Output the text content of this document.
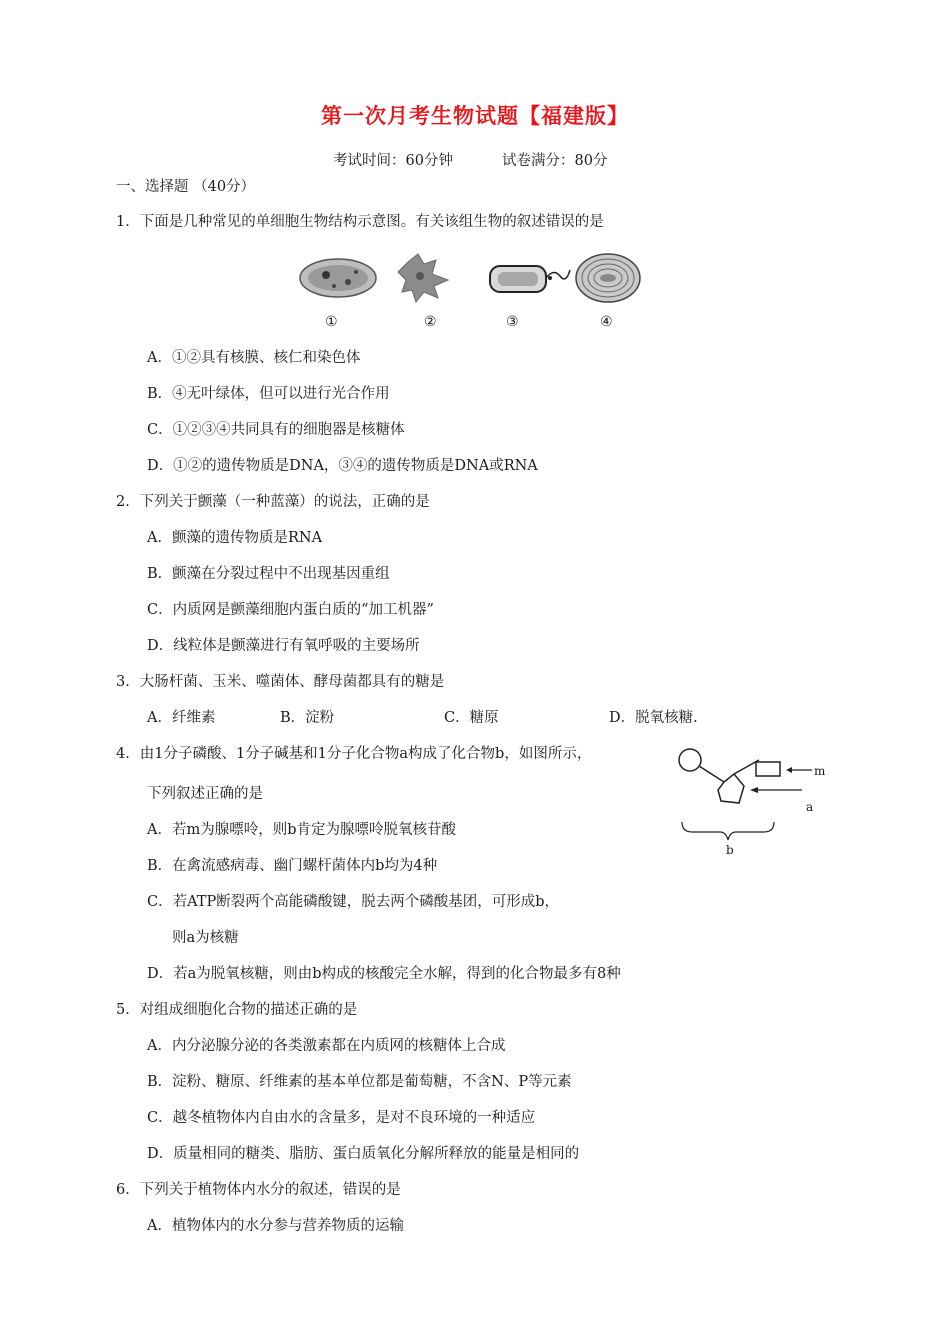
第一次月考生物试题【福建版】
考试时间：60分钟	试卷满分：80分
一、选择题 （40分）
1．下面是几种常见的单细胞生物结构示意图。有关该组生物的叙述错误的是
①	②	③	④
A．①②具有核膜、核仁和染色体
B．④无叶绿体，但可以进行光合作用
C．①②③④共同具有的细胞器是核糖体
D．①②的遗传物质是DNA，③④的遗传物质是DNA或RNA
2．下列关于颤藻（一种蓝藻）的说法，正确的是
A．颤藻的遗传物质是RNA
B．颤藻在分裂过程中不出现基因重组
C．内质网是颤藻细胞内蛋白质的“加工机器”
D．线粒体是颤藻进行有氧呼吸的主要场所
3．大肠杆菌、玉米、噬菌体、酵母菌都具有的糖是
A．纤维素	B．淀粉	C．糖原	D．脱氧核糖.
4．由1分子磷酸、1分子碱基和1分子化合物a构成了化合物b，如图所示，
下列叙述正确的是
m
a
b
A．若m为腺嘌呤，则b肯定为腺嘌呤脱氧核苷酸
B．在禽流感病毒、幽门螺杆菌体内b均为4种
C．若ATP断裂两个高能磷酸键，脱去两个磷酸基团，可形成b，
则a为核糖
D．若a为脱氧核糖，则由b构成的核酸完全水解，得到的化合物最多有8种
5．对组成细胞化合物的描述正确的是
A．内分泌腺分泌的各类激素都在内质网的核糖体上合成
B．淀粉、糖原、纤维素的基本单位都是葡萄糖，不含N、P等元素
C．越冬植物体内自由水的含量多，是对不良环境的一种适应
D．质量相同的糖类、脂肪、蛋白质氧化分解所释放的能量是相同的
6．下列关于植物体内水分的叙述，错误的是
A．植物体内的水分参与营养物质的运输
